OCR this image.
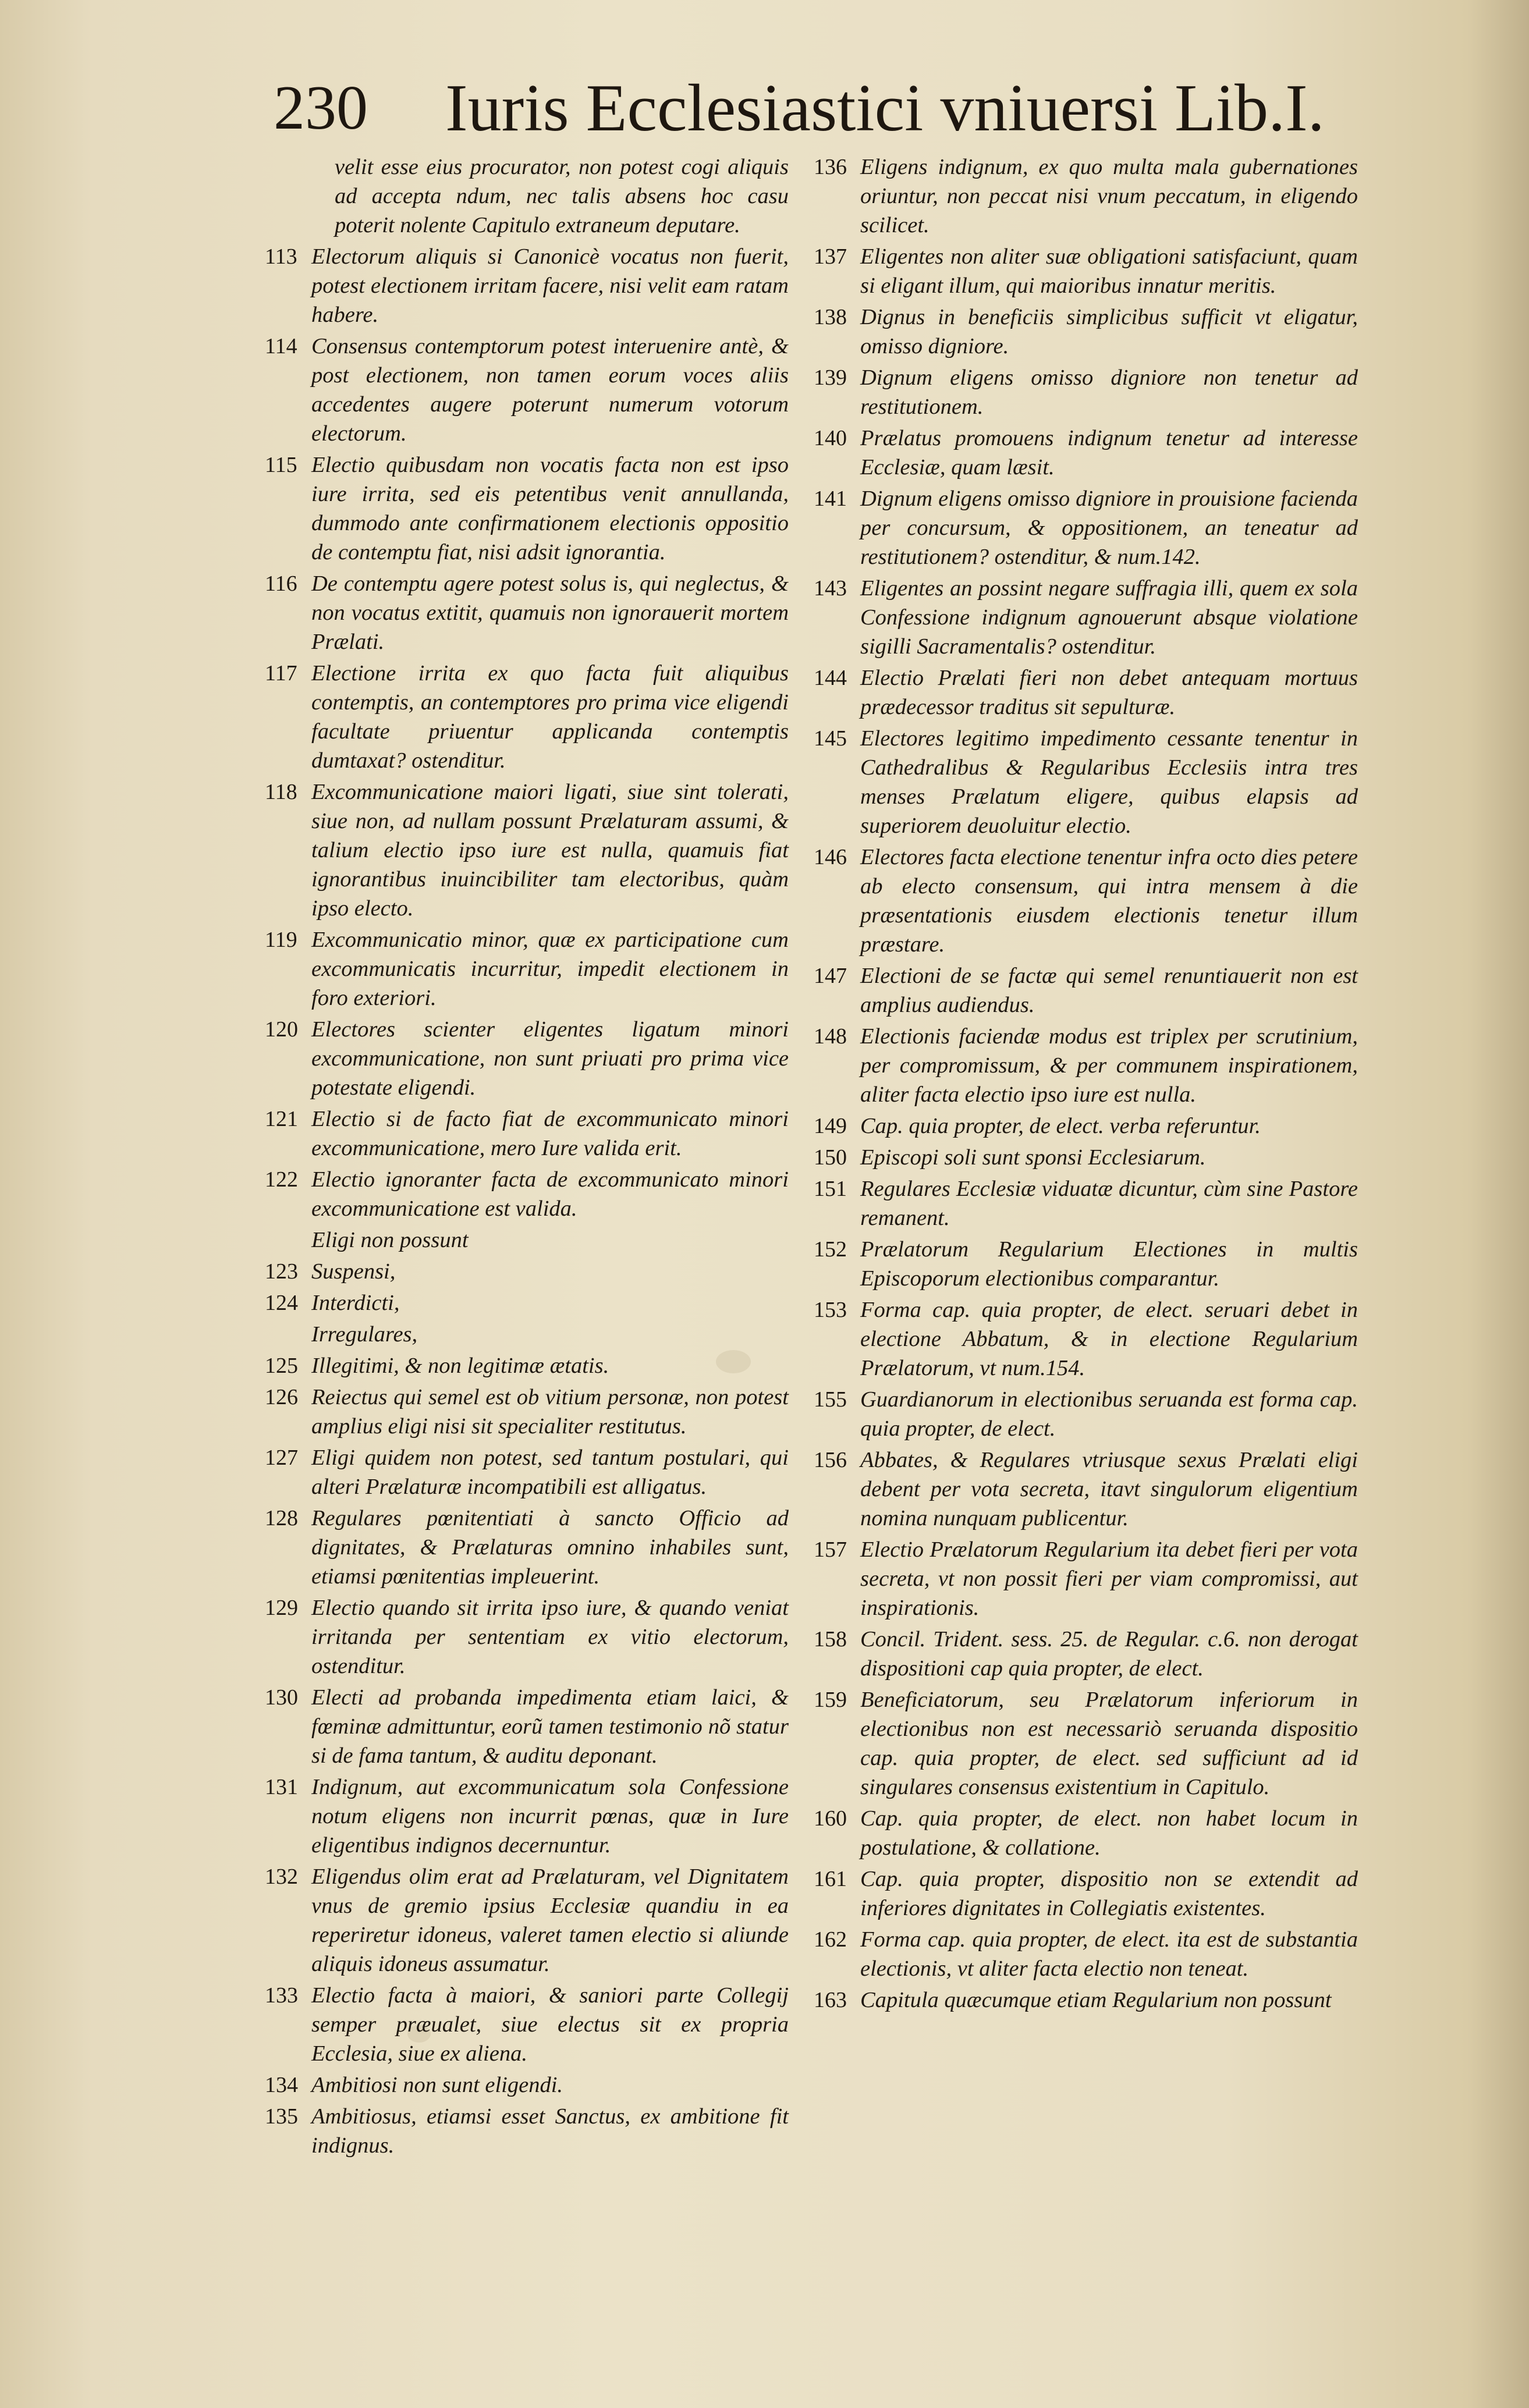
230 Iuris Ecclesiastici vniuersi Lib.I.
velit esse eius procurator, non potest cogi aliquis ad accepta ndum, nec talis absens hoc casu poterit nolente Capitulo extraneum deputare.
113 Electorum aliquis si Canonicè vocatus non fuerit, potest electionem irritam facere, nisi velit eam ratam habere.
114 Consensus contemptorum potest interuenire antè, & post electionem, non tamen eorum voces aliis accedentes augere poterunt numerum votorum electorum.
115 Electio quibusdam non vocatis facta non est ipso iure irrita, sed eis petentibus venit annullanda, dummodo ante confirmationem electionis oppositio de contemptu fiat, nisi adsit ignorantia.
116 De contemptu agere potest solus is, qui neglectus, & non vocatus extitit, quamuis non ignorauerit mortem Prælati.
117 Electione irrita ex quo facta fuit aliquibus contemptis, an contemptores pro prima vice eligendi facultate priuentur applicanda contemptis dumtaxat? ostenditur.
118 Excommunicatione maiori ligati, siue sint tolerati, siue non, ad nullam possunt Prælaturam assumi, & talium electio ipso iure est nulla, quamuis fiat ignorantibus inuincibiliter tam electoribus, quàm ipso electo.
119 Excommunicatio minor, quæ ex participatione cum excommunicatis incurritur, impedit electionem in foro exteriori.
120 Electores scienter eligentes ligatum minori excommunicatione, non sunt priuati pro prima vice potestate eligendi.
121 Electio si de facto fiat de excommunicato minori excommunicatione, mero Iure valida erit.
122 Electio ignoranter facta de excommunicato minori excommunicatione est valida.
Eligi non possunt
123 Suspensi,
124 Interdicti,
Irregulares,
125 Illegitimi, & non legitimæ ætatis.
126 Reiectus qui semel est ob vitium personæ, non potest amplius eligi nisi sit specialiter restitutus.
127 Eligi quidem non potest, sed tantum postulari, qui alteri Prælaturæ incompatibili est alligatus.
128 Regulares pœnitentiati à sancto Officio ad dignitates, & Prælaturas omnino inhabiles sunt, etiamsi pœnitentias impleuerint.
129 Electio quando sit irrita ipso iure, & quando veniat irritanda per sententiam ex vitio electorum, ostenditur.
130 Electi ad probanda impedimenta etiam laici, & fœminæ admittuntur, eorũ tamen testimonio nõ statur si de fama tantum, & auditu deponant.
131 Indignum, aut excommunicatum sola Confessione notum eligens non incurrit pœnas, quæ in Iure eligentibus indignos decernuntur.
132 Eligendus olim erat ad Prælaturam, vel Dignitatem vnus de gremio ipsius Ecclesiæ quandiu in ea reperiretur idoneus, valeret tamen electio si aliunde aliquis idoneus assumatur.
133 Electio facta à maiori, & saniori parte Collegij semper præualet, siue electus sit ex propria Ecclesia, siue ex aliena.
134 Ambitiosi non sunt eligendi.
135 Ambitiosus, etiamsi esset Sanctus, ex ambitione fit indignus.
136 Eligens indignum, ex quo multa mala gubernationes oriuntur, non peccat nisi vnum peccatum, in eligendo scilicet.
137 Eligentes non aliter suæ obligationi satisfaciunt, quam si eligant illum, qui maioribus innatur meritis.
138 Dignus in beneficiis simplicibus sufficit vt eligatur, omisso digniore.
139 Dignum eligens omisso digniore non tenetur ad restitutionem.
140 Prælatus promouens indignum tenetur ad interesse Ecclesiæ, quam læsit.
141 Dignum eligens omisso digniore in prouisione facienda per concursum, & oppositionem, an teneatur ad restitutionem? ostenditur, & num.142.
143 Eligentes an possint negare suffragia illi, quem ex sola Confessione indignum agnouerunt absque violatione sigilli Sacramentalis? ostenditur.
144 Electio Prælati fieri non debet antequam mortuus prædecessor traditus sit sepulturæ.
145 Electores legitimo impedimento cessante tenentur in Cathedralibus & Regularibus Ecclesiis intra tres menses Prælatum eligere, quibus elapsis ad superiorem deuoluitur electio.
146 Electores facta electione tenentur infra octo dies petere ab electo consensum, qui intra mensem à die præsentationis eiusdem electionis tenetur illum præstare.
147 Electioni de se factæ qui semel renuntiauerit non est amplius audiendus.
148 Electionis faciendæ modus est triplex per scrutinium, per compromissum, & per communem inspirationem, aliter facta electio ipso iure est nulla.
149 Cap. quia propter, de elect. verba referuntur.
150 Episcopi soli sunt sponsi Ecclesiarum.
151 Regulares Ecclesiæ viduatæ dicuntur, cùm sine Pastore remanent.
152 Prælatorum Regularium Electiones in multis Episcoporum electionibus comparantur.
153 Forma cap. quia propter, de elect. seruari debet in electione Abbatum, & in electione Regularium Prælatorum, vt num.154.
155 Guardianorum in electionibus seruanda est forma cap. quia propter, de elect.
156 Abbates, & Regulares vtriusque sexus Prælati eligi debent per vota secreta, itavt singulorum eligentium nomina nunquam publicentur.
157 Electio Prælatorum Regularium ita debet fieri per vota secreta, vt non possit fieri per viam compromissi, aut inspirationis.
158 Concil. Trident. sess. 25. de Regular. c.6. non derogat dispositioni cap quia propter, de elect.
159 Beneficiatorum, seu Prælatorum inferiorum in electionibus non est necessariò seruanda dispositio cap. quia propter, de elect. sed sufficiunt ad id singulares consensus existentium in Capitulo.
160 Cap. quia propter, de elect. non habet locum in postulatione, & collatione.
161 Cap. quia propter, dispositio non se extendit ad inferiores dignitates in Collegiatis existentes.
162 Forma cap. quia propter, de elect. ita est de substantia electionis, vt aliter facta electio non teneat.
163 Capitula quæcumque etiam Regularium non possunt
